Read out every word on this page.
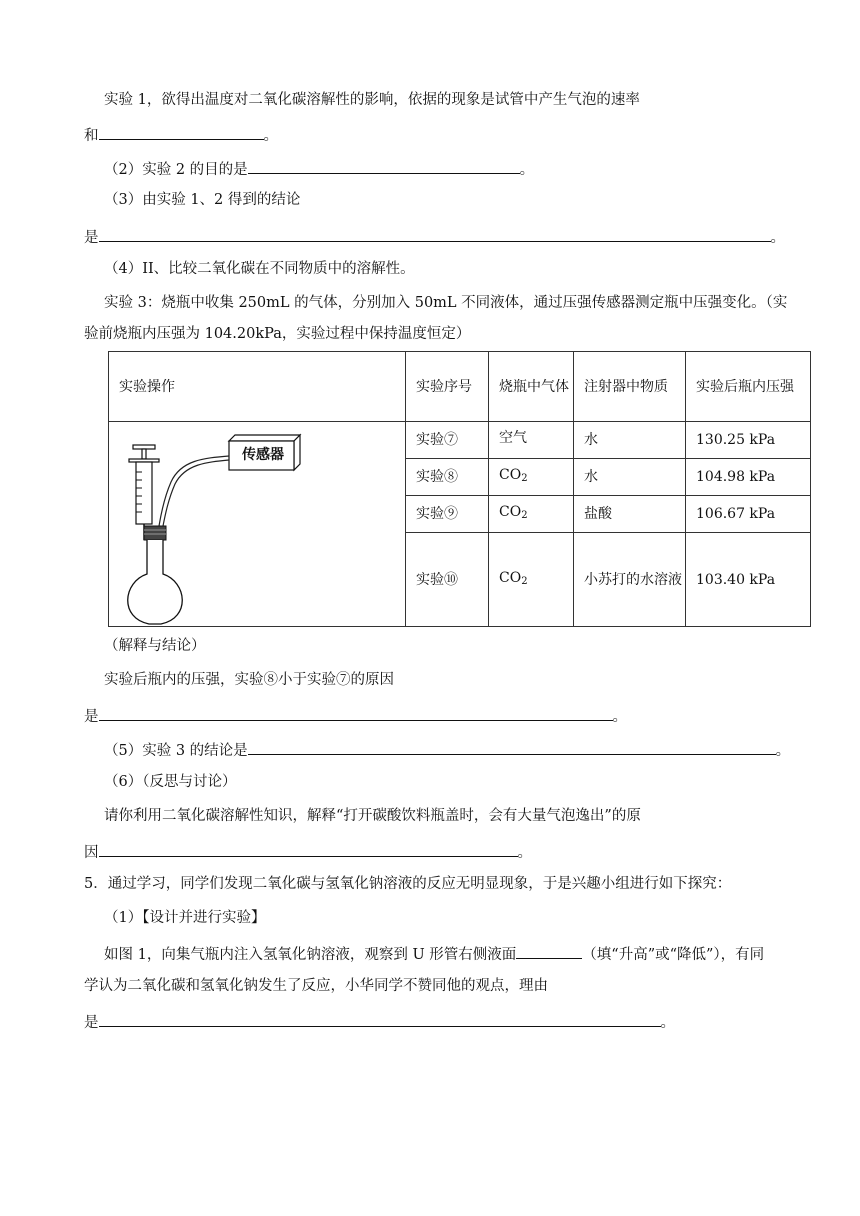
实验 1，欲得出温度对二氧化碳溶解性的影响，依据的现象是试管中产生气泡的速率
和	。
（2）实验 2 的目的是	。
（3）由实验 1、2 得到的结论
是	。
（4）II、比较二氧化碳在不同物质中的溶解性。
实验 3：烧瓶中收集 250mL 的气体，分别加入 50mL 不同液体，通过压强传感器测定瓶中压强变化。（实
验前烧瓶内压强为 104.20kPa，实验过程中保持温度恒定）
实验操作	实验序号	烧瓶中气体	注射器中物质	实验后瓶内压强

传感器	实验⑦	空气	水	130.25 kPa
	实验⑧	$CO_2$	水	104.98 kPa
	实验⑨	$CO_2$	盐酸	106.67 kPa
	实验⑩	$CO_2$	小苏打的水溶液	103.40 kPa
（解释与结论）
实验后瓶内的压强，实验⑧小于实验⑦的原因
是	。
（5）实验 3 的结论是	。
（6）（反思与讨论）
请你利用二氧化碳溶解性知识，解释“打开碳酸饮料瓶盖时，会有大量气泡逸出”的原
因	。
5．通过学习，同学们发现二氧化碳与氢氧化钠溶液的反应无明显现象，于是兴趣小组进行如下探究：
（1）【设计并进行实验】
如图 1，向集气瓶内注入氢氧化钠溶液，观察到 U 形管右侧液面	（填“升高”或“降低”），有同
学认为二氧化碳和氢氧化钠发生了反应，小华同学不赞同他的观点，理由
是	。
